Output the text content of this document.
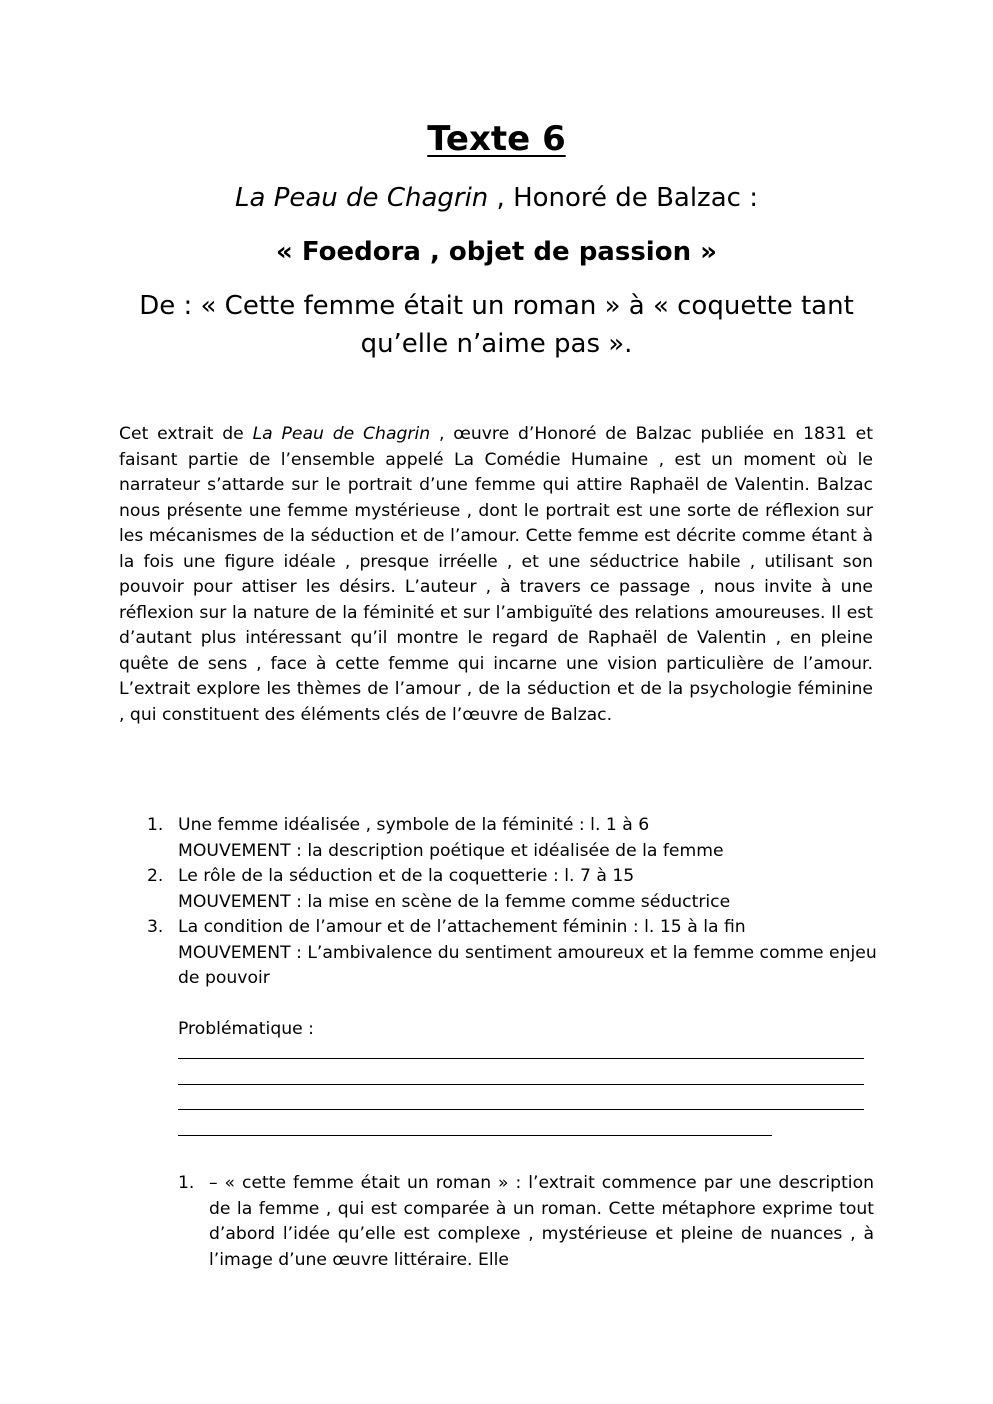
Texte 6
La Peau de Chagrin , Honoré de Balzac :
« Foedora , objet de passion »
De : « Cette femme était un roman » à « coquette tant qu’elle n’aime pas ».

Cet extrait de La Peau de Chagrin , œuvre d’Honoré de Balzac publiée en 1831 et faisant partie de l’ensemble appelé La Comédie Humaine , est un moment où le narrateur s’attarde sur le portrait d’une femme qui attire Raphaël de Valentin. Balzac nous présente une femme mystérieuse , dont le portrait est une sorte de réflexion sur les mécanismes de la séduction et de l’amour. Cette femme est décrite comme étant à la fois une figure idéale , presque irréelle , et une séductrice habile , utilisant son pouvoir pour attiser les désirs. L’auteur , à travers ce passage , nous invite à une réflexion sur la nature de la féminité et sur l’ambiguïté des relations amoureuses. Il est d’autant plus intéressant qu’il montre le regard de Raphaël de Valentin , en pleine quête de sens , face à cette femme qui incarne une vision particulière de l’amour. L’extrait explore les thèmes de l’amour , de la séduction et de la psychologie féminine , qui constituent des éléments clés de l’œuvre de Balzac.

1. Une femme idéalisée , symbole de la féminité : l. 1 à 6
MOUVEMENT : la description poétique et idéalisée de la femme
2. Le rôle de la séduction et de la coquetterie : l. 7 à 15
MOUVEMENT : la mise en scène de la femme comme séductrice
3. La condition de l’amour et de l’attachement féminin : l. 15 à la fin
MOUVEMENT : L’ambivalence du sentiment amoureux et la femme comme enjeu de pouvoir
Problématique :
1. – « cette femme était un roman » : l’extrait commence par une description de la femme , qui est comparée à un roman. Cette métaphore exprime tout d’abord l’idée qu’elle est complexe , mystérieuse et pleine de nuances , à l’image d’une œuvre littéraire. Elle
